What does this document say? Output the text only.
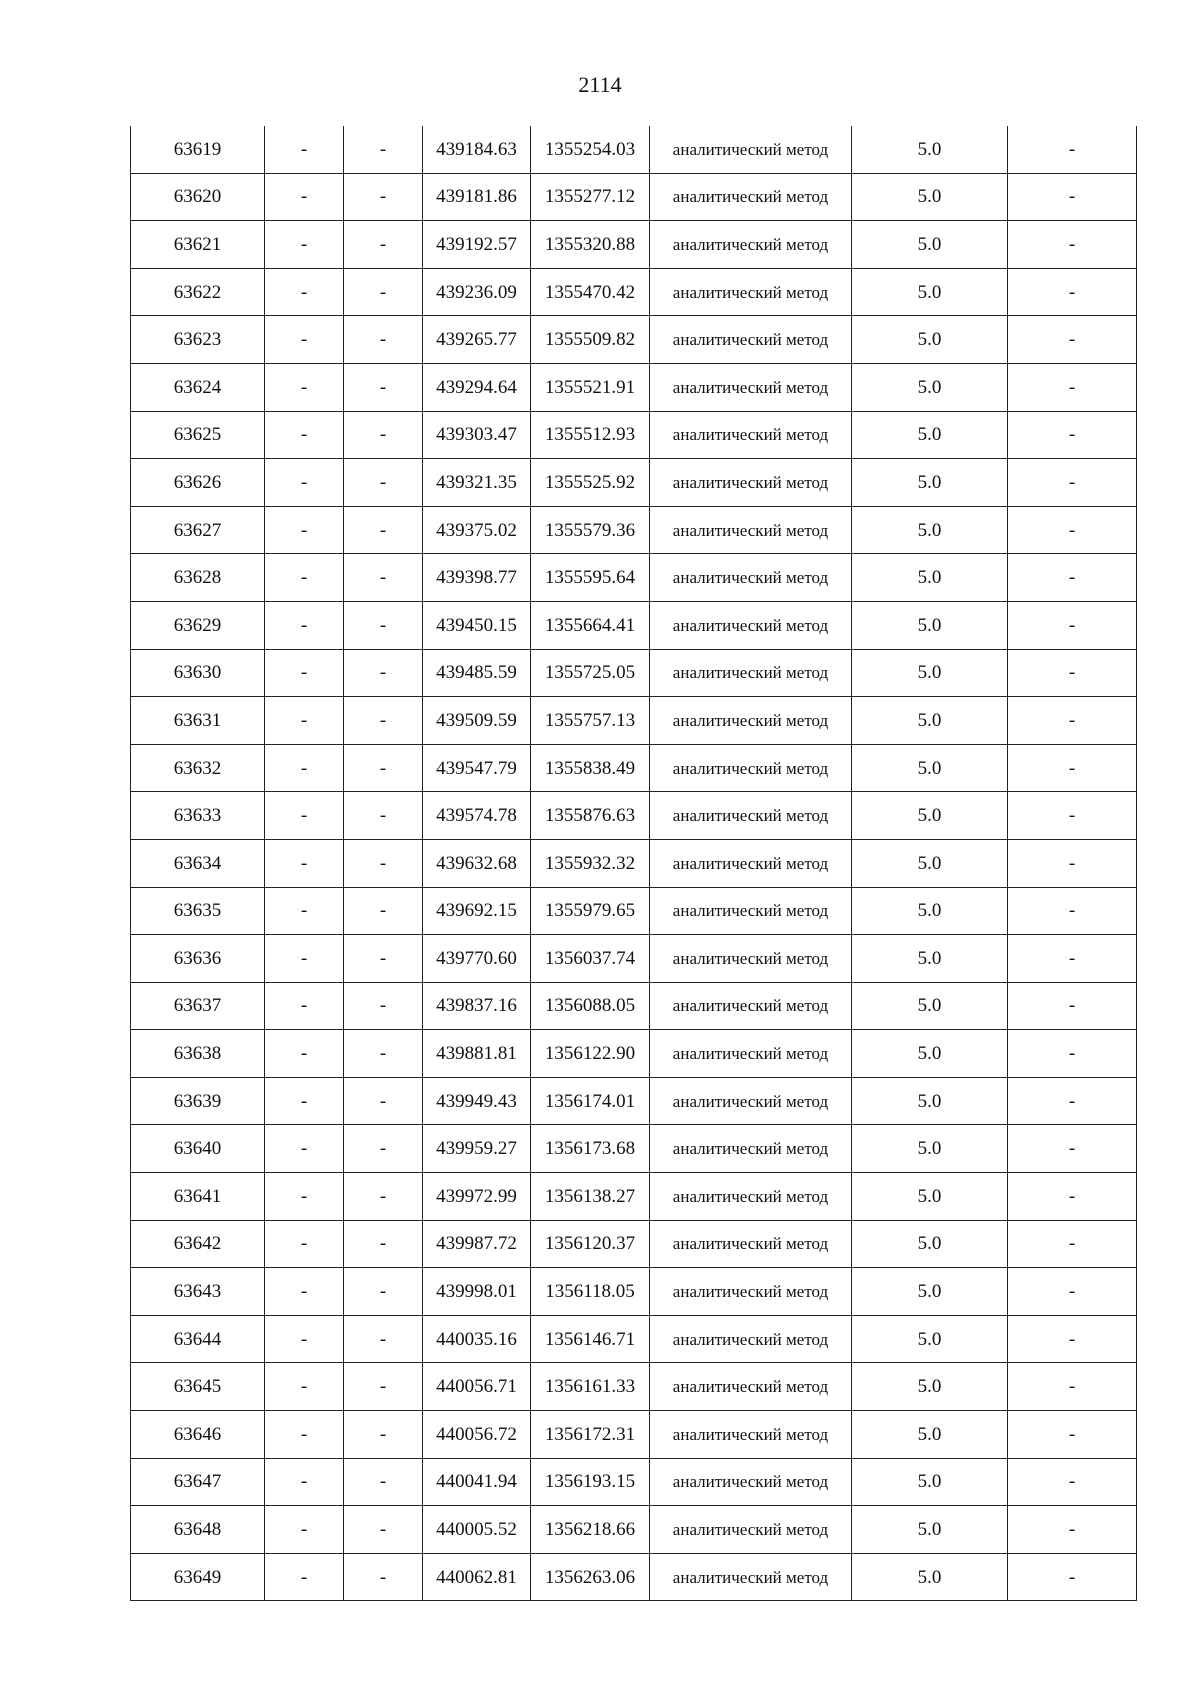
2114
63619	-	-	439184.63	1355254.03	аналитический метод	5.0	-
63620	-	-	439181.86	1355277.12	аналитический метод	5.0	-
63621	-	-	439192.57	1355320.88	аналитический метод	5.0	-
63622	-	-	439236.09	1355470.42	аналитический метод	5.0	-
63623	-	-	439265.77	1355509.82	аналитический метод	5.0	-
63624	-	-	439294.64	1355521.91	аналитический метод	5.0	-
63625	-	-	439303.47	1355512.93	аналитический метод	5.0	-
63626	-	-	439321.35	1355525.92	аналитический метод	5.0	-
63627	-	-	439375.02	1355579.36	аналитический метод	5.0	-
63628	-	-	439398.77	1355595.64	аналитический метод	5.0	-
63629	-	-	439450.15	1355664.41	аналитический метод	5.0	-
63630	-	-	439485.59	1355725.05	аналитический метод	5.0	-
63631	-	-	439509.59	1355757.13	аналитический метод	5.0	-
63632	-	-	439547.79	1355838.49	аналитический метод	5.0	-
63633	-	-	439574.78	1355876.63	аналитический метод	5.0	-
63634	-	-	439632.68	1355932.32	аналитический метод	5.0	-
63635	-	-	439692.15	1355979.65	аналитический метод	5.0	-
63636	-	-	439770.60	1356037.74	аналитический метод	5.0	-
63637	-	-	439837.16	1356088.05	аналитический метод	5.0	-
63638	-	-	439881.81	1356122.90	аналитический метод	5.0	-
63639	-	-	439949.43	1356174.01	аналитический метод	5.0	-
63640	-	-	439959.27	1356173.68	аналитический метод	5.0	-
63641	-	-	439972.99	1356138.27	аналитический метод	5.0	-
63642	-	-	439987.72	1356120.37	аналитический метод	5.0	-
63643	-	-	439998.01	1356118.05	аналитический метод	5.0	-
63644	-	-	440035.16	1356146.71	аналитический метод	5.0	-
63645	-	-	440056.71	1356161.33	аналитический метод	5.0	-
63646	-	-	440056.72	1356172.31	аналитический метод	5.0	-
63647	-	-	440041.94	1356193.15	аналитический метод	5.0	-
63648	-	-	440005.52	1356218.66	аналитический метод	5.0	-
63649	-	-	440062.81	1356263.06	аналитический метод	5.0	-
